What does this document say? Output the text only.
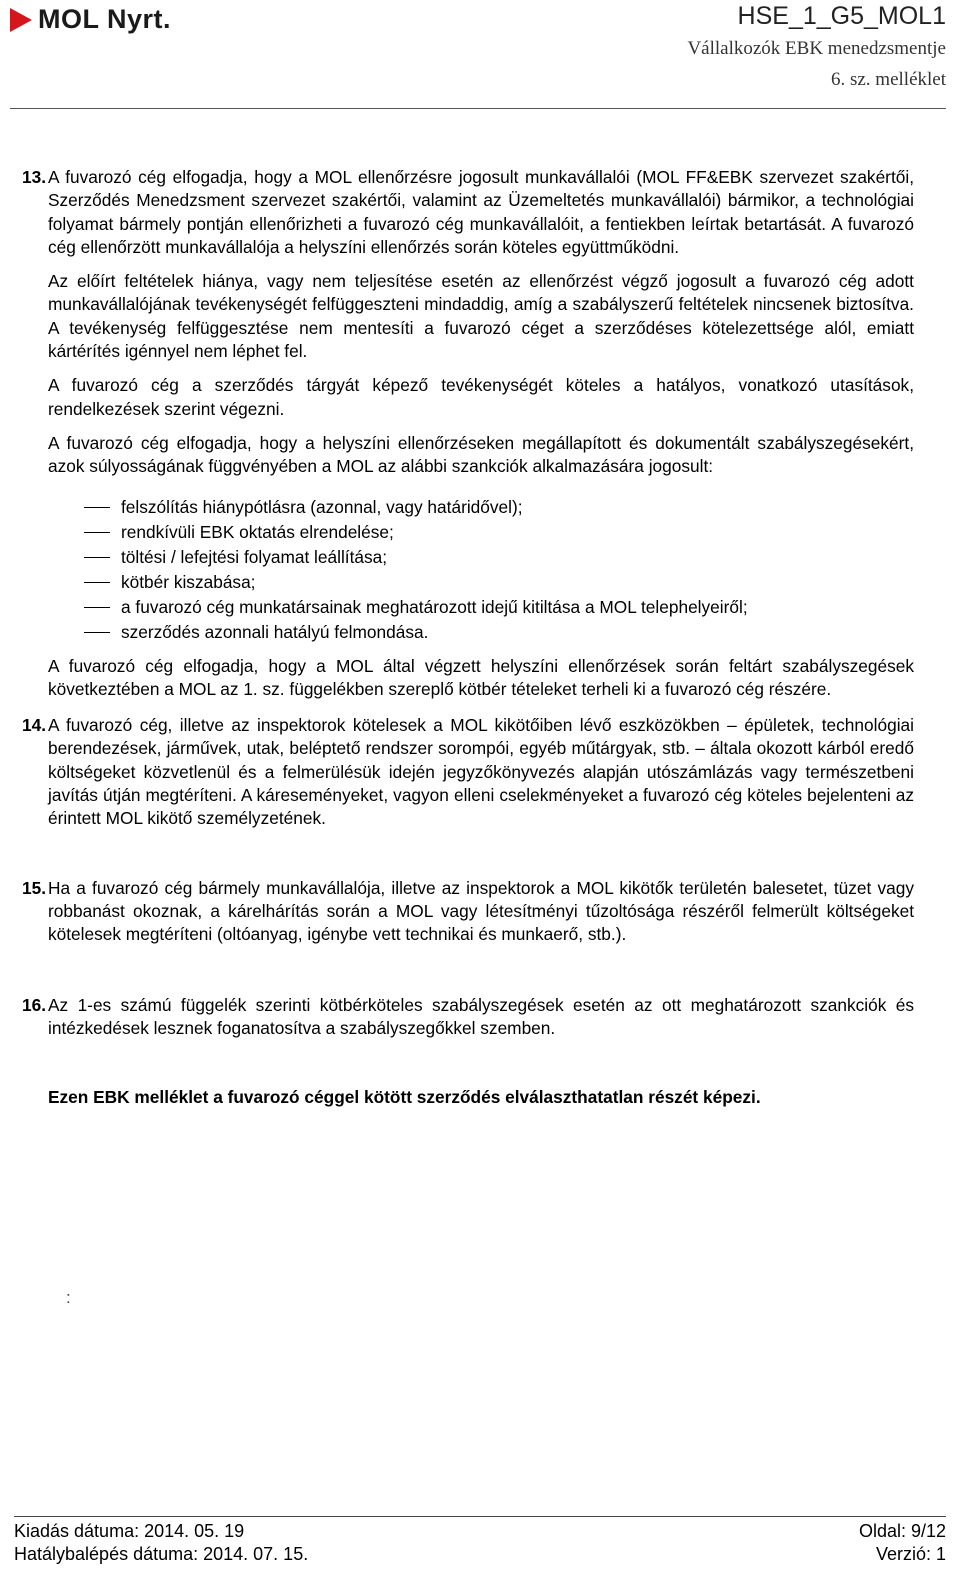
MOL Nyrt.	HSE_1_G5_MOL1
Vállalkozók EBK menedzsmentje
6. sz. melléklet
13. A fuvarozó cég elfogadja, hogy a MOL ellenőrzésre jogosult munkavállalói (MOL FF&EBK szervezet szakértői, Szerződés Menedzsment szervezet szakértői, valamint az Üzemeltetés munkavállalói) bármikor, a technológiai folyamat bármely pontján ellenőrizheti a fuvarozó cég munkavállalóit, a fentiekben leírtak betartását. A fuvarozó cég ellenőrzött munkavállalója a helyszíni ellenőrzés során köteles együttműködni.

Az előírt feltételek hiánya, vagy nem teljesítése esetén az ellenőrzést végző jogosult a fuvarozó cég adott munkavállalójának tevékenységét felfüggeszteni mindaddig, amíg a szabályszerű feltételek nincsenek biztosítva. A tevékenység felfüggesztése nem mentesíti a fuvarozó céget a szerződéses kötelezettsége alól, emiatt kártérítés igénnyel nem léphet fel.

A fuvarozó cég a szerződés tárgyát képező tevékenységét köteles a hatályos, vonatkozó utasítások, rendelkezések szerint végezni.

A fuvarozó cég elfogadja, hogy a helyszíni ellenőrzéseken megállapított és dokumentált szabályszegésekért, azok súlyosságának függvényében a MOL az alábbi szankciók alkalmazására jogosult:

felszólítás hiánypótlásra (azonnal, vagy határidővel);
rendkívüli EBK oktatás elrendelése;
töltési / lefejtési folyamat leállítása;
kötbér kiszabása;
a fuvarozó cég munkatársainak meghatározott idejű kitiltása a MOL telephelyeiről;
szerződés azonnali hatályú felmondása.

A fuvarozó cég elfogadja, hogy a MOL által végzett helyszíni ellenőrzések során feltárt szabályszegések következtében a MOL az 1. sz. függelékben szereplő kötbér tételeket terheli ki a fuvarozó cég részére.

14. A fuvarozó cég, illetve az inspektorok kötelesek a MOL kikötőiben lévő eszközökben – épületek, technológiai berendezések, járművek, utak, beléptető rendszer sorompói, egyéb műtárgyak, stb. – általa okozott kárból eredő költségeket közvetlenül és a felmerülésük idején jegyzőkönyvezés alapján utószámlázás vagy természetbeni javítás útján megtéríteni. A káreseményeket, vagyon elleni cselekményeket a fuvarozó cég köteles bejelenteni az érintett MOL kikötő személyzetének.

15. Ha a fuvarozó cég bármely munkavállalója, illetve az inspektorok a MOL kikötők területén balesetet, tüzet vagy robbanást okoznak, a kárelhárítás során a MOL vagy létesítményi tűzoltósága részéről felmerült költségeket kötelesek megtéríteni (oltóanyag, igénybe vett technikai és munkaerő, stb.).

16. Az 1-es számú függelék szerinti kötbérköteles szabályszegések esetén az ott meghatározott szankciók és intézkedések lesznek foganatosítva a szabályszegőkkel szemben.

Ezen EBK melléklet a fuvarozó céggel kötött szerződés elválaszthatatlan részét képezi.

:
Kiadás dátuma: 2014. 05. 19	Oldal: 9/12
Hatálybalépés dátuma: 2014. 07. 15.	Verzió: 1
